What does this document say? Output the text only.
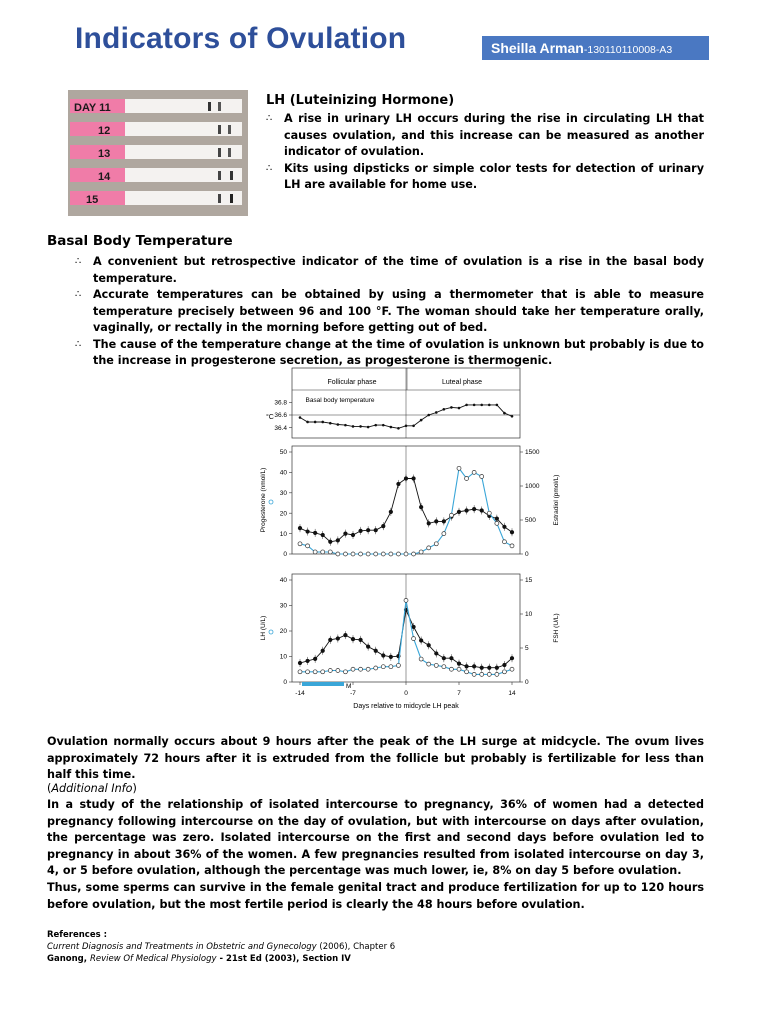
Indicators of Ovulation	Sheilla Arman-130110110008-A3
DAY 11
12
13
14
15
LH (Luteinizing Hormone)
∴ A rise in urinary LH occurs during the rise in circulating LH that causes ovulation, and this increase can be measured as another indicator of ovulation.
∴ Kits using dipsticks or simple color tests for detection of urinary LH are available for home use.
Basal Body Temperature
∴ A convenient but retrospective indicator of the time of ovulation is a rise in the basal body temperature.
∴ Accurate temperatures can be obtained by using a thermometer that is able to measure temperature precisely between 96 and 100 °F. The woman should take her temperature orally, vaginally, or rectally in the morning before getting out of bed.
∴ The cause of the temperature change at the time of ovulation is unknown but probably is due to the increase in progesterone secretion, as progesterone is thermogenic.
Follicular phase	Luteal phase
Basal body temperature
°C
Progesterone (nmol/L)	Estradiol (pmol/L)
LH (U/L)	FSH (U/L)
M
Days relative to midcycle LH peak
36.8
36.6
36.4
50
40
30
20
10
0
1500
1000
500
0
40
30
20
10
0
15
10
5
0
-14	-7	0	7	14
Ovulation normally occurs about 9 hours after the peak of the LH surge at midcycle. The ovum lives approximately 72 hours after it is extruded from the follicle but probably is fertilizable for less than half this time.
(Additional Info)
In a study of the relationship of isolated intercourse to pregnancy, 36% of women had a detected pregnancy following intercourse on the day of ovulation, but with intercourse on days after ovulation, the percentage was zero. Isolated intercourse on the first and second days before ovulation led to pregnancy in about 36% of the women. A few pregnancies resulted from isolated intercourse on day 3, 4, or 5 before ovulation, although the percentage was much lower, ie, 8% on day 5 before ovulation.
Thus, some sperms can survive in the female genital tract and produce fertilization for up to 120 hours before ovulation, but the most fertile period is clearly the 48 hours before ovulation.
References :
Current Diagnosis and Treatments in Obstetric and Gynecology (2006), Chapter 6
Ganong, Review Of Medical Physiology - 21st Ed (2003), Section IV
